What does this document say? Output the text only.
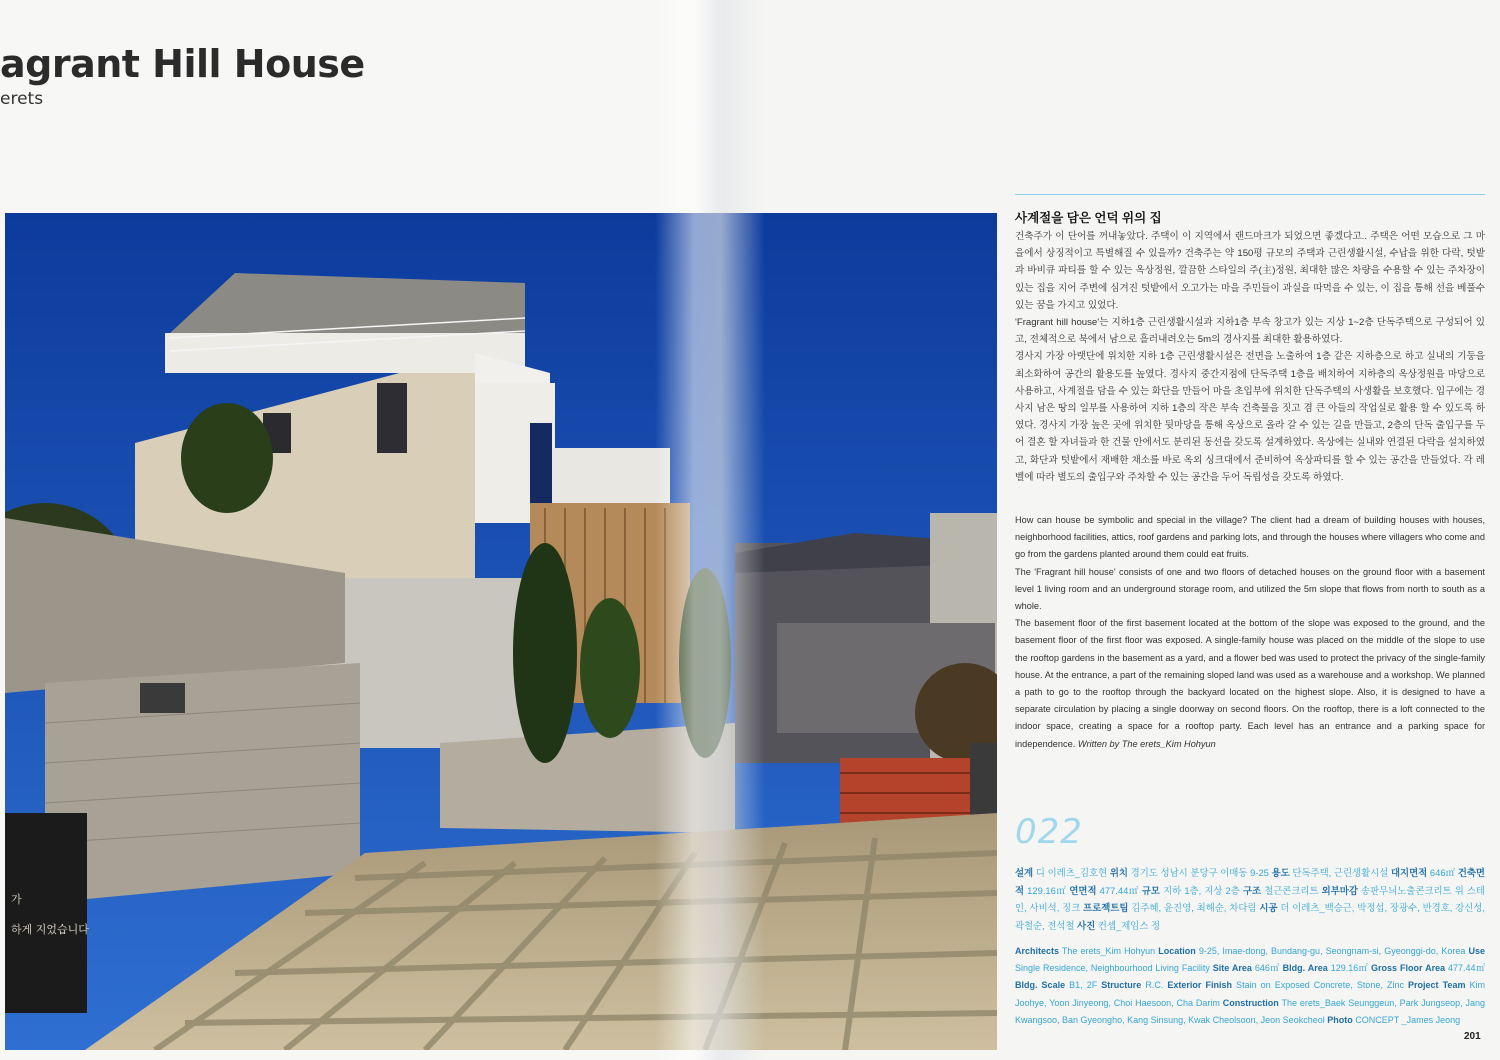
agrant Hill House
erets
가
하게 지었습니다
사계절을 담은 언덕 위의 집

건축주가 이 단어를 꺼내놓았다. 주택이 이 지역에서 랜드마크가 되었으면 좋겠다고.. 주택은 어떤 모습으로 그 마을에서 상징적이고 특별해질 수 있을까? 건축주는 약 150평 규모의 주택과 근린생활시설, 수납을 위한 다락, 텃밭과 바비큐 파티를 할 수 있는 옥상정원, 깔끔한 스타일의 주(主)정원, 최대한 많은 차량을 수용할 수 있는 주차장이 있는 집을 지어 주변에 심겨진 텃밭에서 오고가는 마을 주민들이 과실을 따먹을 수 있는, 이 집을 통해 선을 베풀수 있는 꿈을 가지고 있었다.

'Fragrant hill house'는 지하1층 근린생활시설과 지하1층 부속 창고가 있는 지상 1~2층 단독주택으로 구성되어 있고, 전체적으로 북에서 남으로 흘러내려오는 5m의 경사지를 최대한 활용하였다.

경사지 가장 아랫단에 위치한 지하 1층 근린생활시설은 전면을 노출하여 1층 같은 지하층으로 하고 실내의 기둥을 최소화하여 공간의 활용도를 높였다. 경사지 중간지점에 단독주택 1층을 배치하여 지하층의 옥상정원을 마당으로 사용하고, 사계절을 담을 수 있는 화단을 만들어 마을 초입부에 위치한 단독주택의 사생활을 보호했다. 입구에는 경사지 남은 땅의 일부를 사용하여 지하 1층의 작은 부속 건축물을 짓고 겸 큰 아들의 작업실로 활용 할 수 있도록 하였다. 경사지 가장 높은 곳에 위치한 뒷마당을 통해 옥상으로 올라 갈 수 있는 길을 만들고, 2층의 단독 출입구를 두어 결혼 할 자녀들과 한 건물 안에서도 분리된 동선을 갖도록 설계하였다. 옥상에는 실내와 연결된 다락을 설치하였고, 화단과 텃밭에서 재배한 채소를 바로 옥외 싱크대에서 준비하여 옥상파티를 할 수 있는 공간을 만들었다. 각 레벨에 따라 별도의 출입구와 주차할 수 있는 공간을 두어 독립성을 갖도록 하였다.

How can house be symbolic and special in the village? The client had a dream of building houses with houses, neighborhood facilities, attics, roof gardens and parking lots, and through the houses where villagers who come and go from the gardens planted around them could eat fruits.

The 'Fragrant hill house' consists of one and two floors of detached houses on the ground floor with a basement level 1 living room and an underground storage room, and utilized the 5m slope that flows from north to south as a whole.

The basement floor of the first basement located at the bottom of the slope was exposed to the ground, and the basement floor of the first floor was exposed. A single-family house was placed on the middle of the slope to use the rooftop gardens in the basement as a yard, and a flower bed was used to protect the privacy of the single-family house. At the entrance, a part of the remaining sloped land was used as a warehouse and a workshop. We planned a path to go to the rooftop through the backyard located on the highest slope. Also, it is designed to have a separate circulation by placing a single doorway on second floors. On the rooftop, there is a loft connected to the indoor space, creating a space for a rooftop party. Each level has an entrance and a parking space for independence. Written by The erets_Kim Hohyun

022
설계 디 이레츠_김호현 위치 경기도 성남시 분당구 이매동 9-25 용도 단독주택, 근린생활시설 대지면적 646㎡ 건축면적 129.16㎡ 연면적 477.44㎡ 규모 지하 1층, 지상 2층 구조 철근콘크리트 외부마감 송판무늬노출콘크리트 위 스테인, 사비석, 징크 프로젝트팀 김주혜, 윤진영, 최해순, 차다림 시공 더 이레츠_백승근, 박정섭, 장광수, 반경호, 강신성, 곽철순, 전석철 사진 컨셉_제임스 정
Architects The erets_Kim Hohyun Location 9-25, Imae-dong, Bundang-gu, Seongnam-si, Gyeonggi-do, Korea Use Single Residence, Neighbourhood Living Facility Site Area 646㎡ Bldg. Area 129.16㎡ Gross Floor Area 477.44㎡ Bldg. Scale B1, 2F Structure R.C. Exterior Finish Stain on Exposed Concrete, Stone, Zinc Project Team Kim Joohye, Yoon Jinyeong, Choi Haesoon, Cha Darim Construction The erets_Baek Seunggeun, Park Jungseop, Jang Kwangsoo, Ban Gyeongho, Kang Sinsung, Kwak Cheolsoon, Jeon Seokcheol Photo CONCEPT _James Jeong
201
